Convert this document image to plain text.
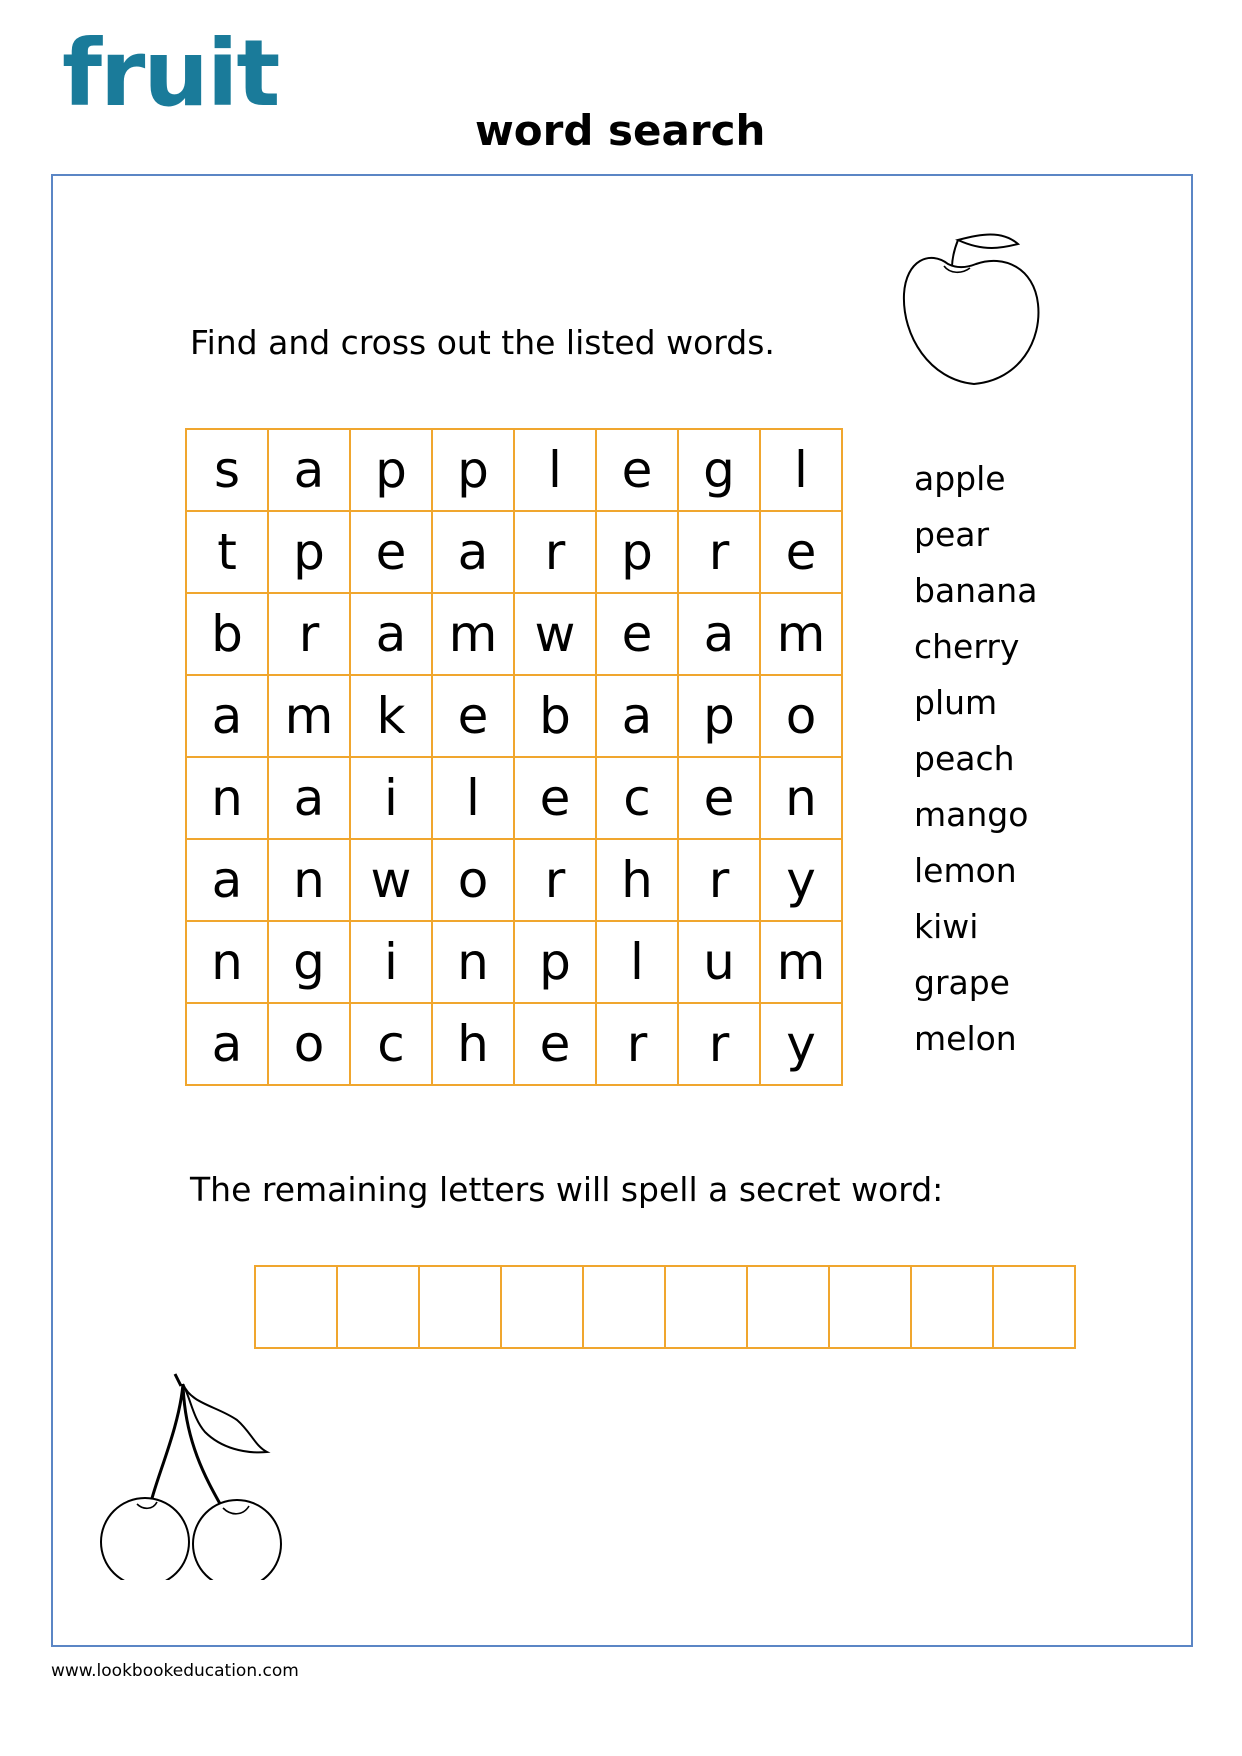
fruit
word search
Find and cross out the listed words.
s	a	p	p	l	e	g	l
t	p	e	a	r	p	r	e
b	r	a m w e	a m
a m k	e	b	a	p	o
n	a	i	l	e	c	e	n
a	n w o	r	h	r	y
n	g	i	n	p	l	u m
a	o	c	h	e	r	r	y
apple
pear
banana
cherry
plum
peach
mango
lemon
kiwi
grape
melon
The remaining letters will spell a secret word:
www.lookbookeducation.com
